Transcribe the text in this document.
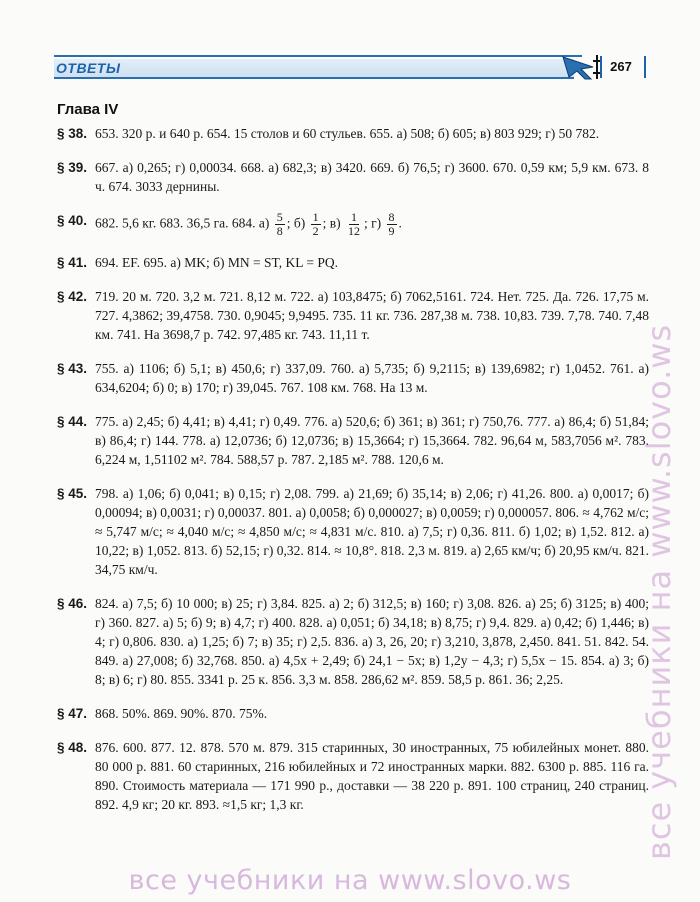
ОТВЕТЫ	267
Глава IV
§ 38. 653. 320 р. и 640 р. 654. 15 столов и 60 стульев. 655. а) 508; б) 605; в) 803 929; г) 50 782.
§ 39. 667. а) 0,265; г) 0,00034. 668. а) 682,3; в) 3420. 669. б) 76,5; г) 3600. 670. 0,59 км; 5,9 км. 673. 8 ч. 674. 3033 дернины.
§ 40. 682. 5,6 кг. 683. 36,5 га. 684. $а) \frac{5}{8}$ ; $б) \frac{1}{2}$ ; $в) \frac{1}{12}$ ; $г) \frac{8}{9}$ .
§ 41. 694. EF. 695. а) MK; б) MN = ST, KL = PQ.
§ 42. 719. 20 м. 720. 3,2 м. 721. 8,12 м. 722. а) 103,8475; б) 7062,5161. 724. Нет. 725. Да. 726. 17,75 м. 727. 4,3862; 39,4758. 730. 0,9045; 9,9495. 735. 11 кг. 736. 287,38 м. 738. 10,83. 739. 7,78. 740. 7,48 км. 741. На 3698,7 р. 742. 97,485 кг. 743. 11,11 т.
§ 43. 755. а) 1106; б) 5,1; в) 450,6; г) 337,09. 760. а) 5,735; б) 9,2115; в) 139,6982; г) 1,0452. 761. а) 634,6204; б) 0; в) 170; г) 39,045. 767. 108 км. 768. На 13 м.
§ 44. 775. а) 2,45; б) 4,41; в) 4,41; г) 0,49. 776. а) 520,6; б) 361; в) 361; г) 750,76. 777. а) 86,4; б) 51,84; в) 86,4; г) 144. 778. а) 12,0736; б) 12,0736; в) 15,3664; г) 15,3664. 782. 96,64 м, 583,7056 м². 783. 6,224 м, 1,51102 м². 784. 588,57 р. 787. 2,185 м². 788. 120,6 м.
§ 45. 798. а) 1,06; б) 0,041; в) 0,15; г) 2,08. 799. а) 21,69; б) 35,14; в) 2,06; г) 41,26. 800. а) 0,0017; б) 0,00094; в) 0,0031; г) 0,00037. 801. а) 0,0058; б) 0,000027; в) 0,0059; г) 0,000057. 806. ≈ 4,762 м/с; ≈ 5,747 м/с; ≈ 4,040 м/с; ≈ 4,850 м/с; ≈ 4,831 м/с. 810. а) 7,5; г) 0,36. 811. б) 1,02; в) 1,52. 812. а) 10,22; в) 1,052. 813. б) 52,15; г) 0,32. 814. ≈ 10,8°. 818. 2,3 м. 819. а) 2,65 км/ч; б) 20,95 км/ч. 821. 34,75 км/ч.
§ 46. 824. а) 7,5; б) 10 000; в) 25; г) 3,84. 825. а) 2; б) 312,5; в) 160; г) 3,08. 826. а) 25; б) 3125; в) 400; г) 360. 827. а) 5; б) 9; в) 4,7; г) 400. 828. а) 0,051; б) 34,18; в) 8,75; г) 9,4. 829. а) 0,42; б) 1,446; в) 4; г) 0,806. 830. а) 1,25; б) 7; в) 35; г) 2,5. 836. а) 3, 26, 20; г) 3,210, 3,878, 2,450. 841. 51. 842. 54. 849. а) 27,008; б) 32,768. 850. а) 4,5x + 2,49; б) 24,1 − 5x; в) 1,2y − 4,3; г) 5,5x − 15. 854. а) 3; б) 8; в) 6; г) 80. 855. 3341 р. 25 к. 856. 3,3 м. 858. 286,62 м². 859. 58,5 р. 861. 36; 2,25.
§ 47. 868. 50%. 869. 90%. 870. 75%.
§ 48. 876. 600. 877. 12. 878. 570 м. 879. 315 старинных, 30 иностранных, 75 юбилейных монет. 880. 80 000 р. 881. 60 старинных, 216 юбилейных и 72 иностранных марки. 882. 6300 р. 885. 116 га. 890. Стоимость материала — 171 990 р., доставки — 38 220 р. 891. 100 страниц, 240 страниц. 892. 4,9 кг; 20 кг. 893. ≈1,5 кг; 1,3 кг.	все учебники на www.slovo.ws
все учебники на www.slovo.ws
